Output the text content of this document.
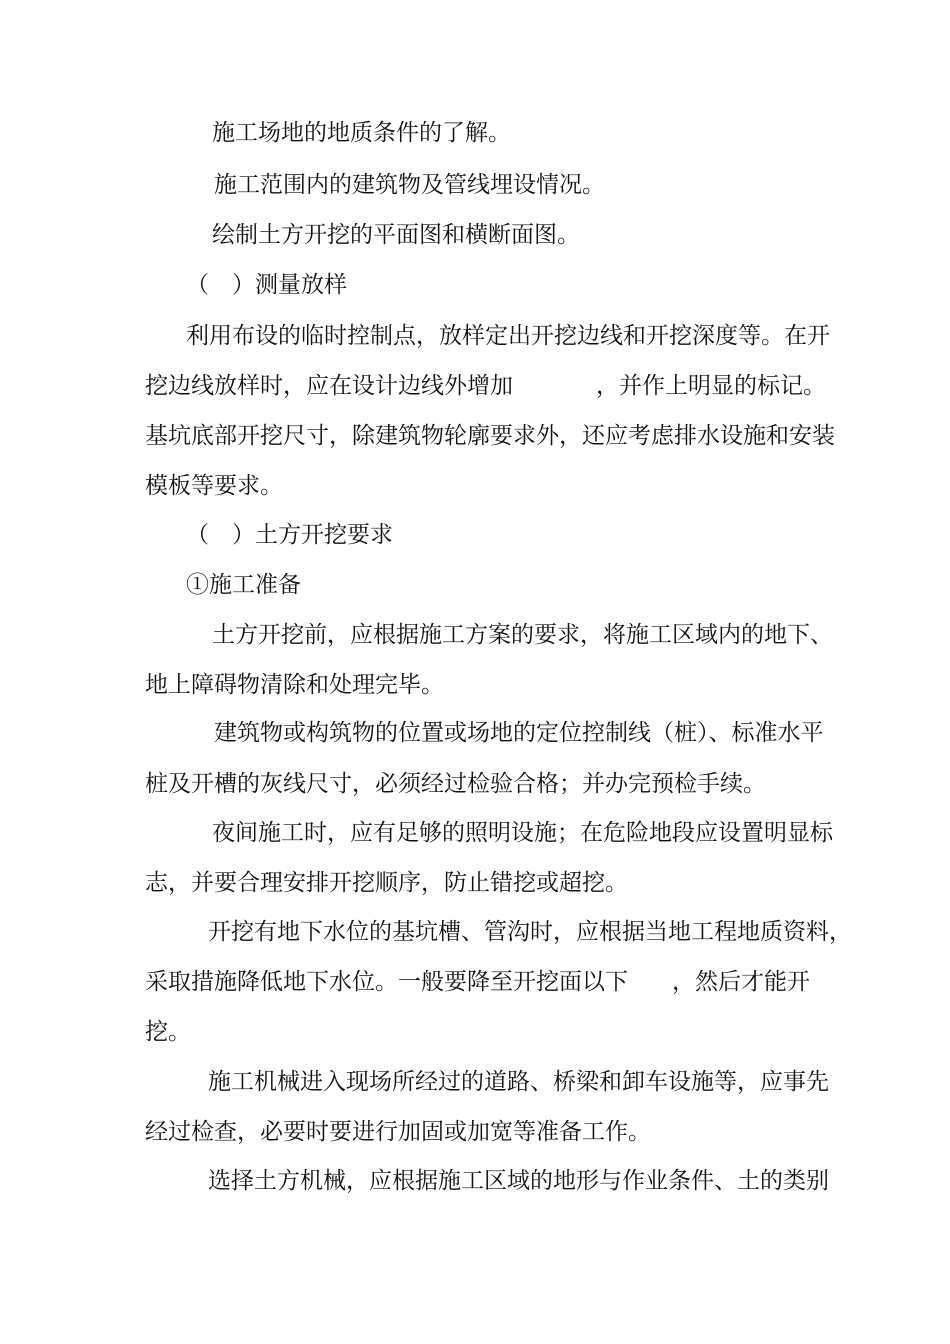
施工场地的地质条件的了解。
施工范围内的建筑物及管线埋设情况。
绘制土方开挖的平面图和横断面图。
（　）测量放样
利用布设的临时控制点，放样定出开挖边线和开挖深度等。在开
挖边线放样时，应在设计边线外增加	，并作上明显的标记。
基坑底部开挖尺寸，除建筑物轮廓要求外，还应考虑排水设施和安装
模板等要求。
（　）土方开挖要求
①施工准备
土方开挖前，应根据施工方案的要求，将施工区域内的地下、
地上障碍物清除和处理完毕。
建筑物或构筑物的位置或场地的定位控制线（桩）、标准水平
桩及开槽的灰线尺寸，必须经过检验合格；并办完预检手续。
夜间施工时，应有足够的照明设施；在危险地段应设置明显标
志，并要合理安排开挖顺序，防止错挖或超挖。
开挖有地下水位的基坑槽、管沟时，应根据当地工程地质资料，
采取措施降低地下水位。一般要降至开挖面以下 ，然后才能开
挖。
施工机械进入现场所经过的道路、桥梁和卸车设施等，应事先
经过检查，必要时要进行加固或加宽等准备工作。
选择土方机械，应根据施工区域的地形与作业条件、土的类别
